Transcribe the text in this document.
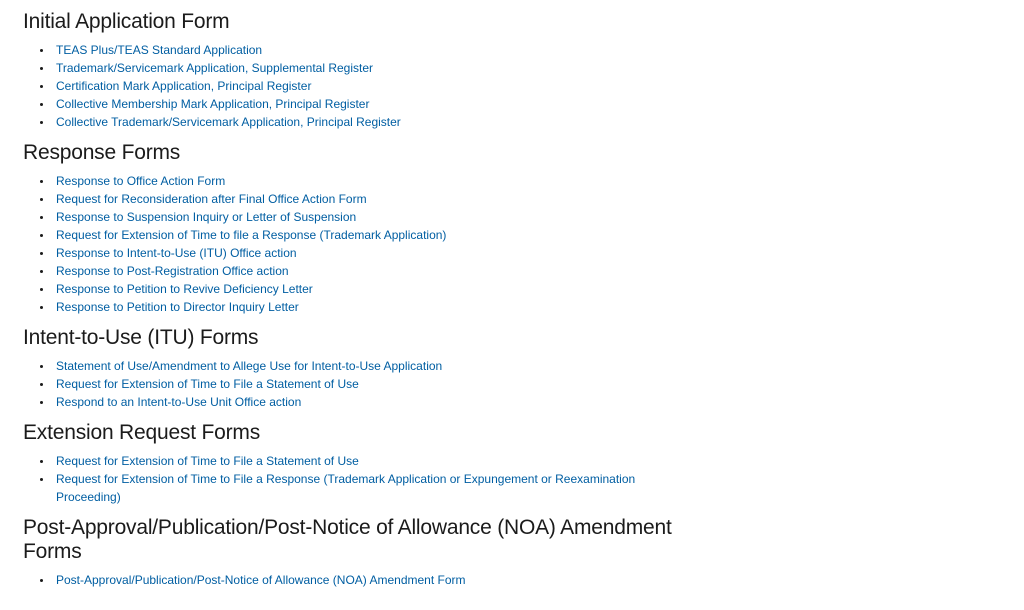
Initial Application Form
TEAS Plus/TEAS Standard Application
Trademark/Servicemark Application, Supplemental Register
Certification Mark Application, Principal Register
Collective Membership Mark Application, Principal Register
Collective Trademark/Servicemark Application, Principal Register
Response Forms
Response to Office Action Form
Request for Reconsideration after Final Office Action Form
Response to Suspension Inquiry or Letter of Suspension
Request for Extension of Time to file a Response (Trademark Application)
Response to Intent-to-Use (ITU) Office action
Response to Post-Registration Office action
Response to Petition to Revive Deficiency Letter
Response to Petition to Director Inquiry Letter
Intent-to-Use (ITU) Forms
Statement of Use/Amendment to Allege Use for Intent-to-Use Application
Request for Extension of Time to File a Statement of Use
Respond to an Intent-to-Use Unit Office action
Extension Request Forms
Request for Extension of Time to File a Statement of Use
Request for Extension of Time to File a Response (Trademark Application or Expungement or Reexamination Proceeding)
Post-Approval/Publication/Post-Notice of Allowance (NOA) Amendment Forms
Post-Approval/Publication/Post-Notice of Allowance (NOA) Amendment Form
